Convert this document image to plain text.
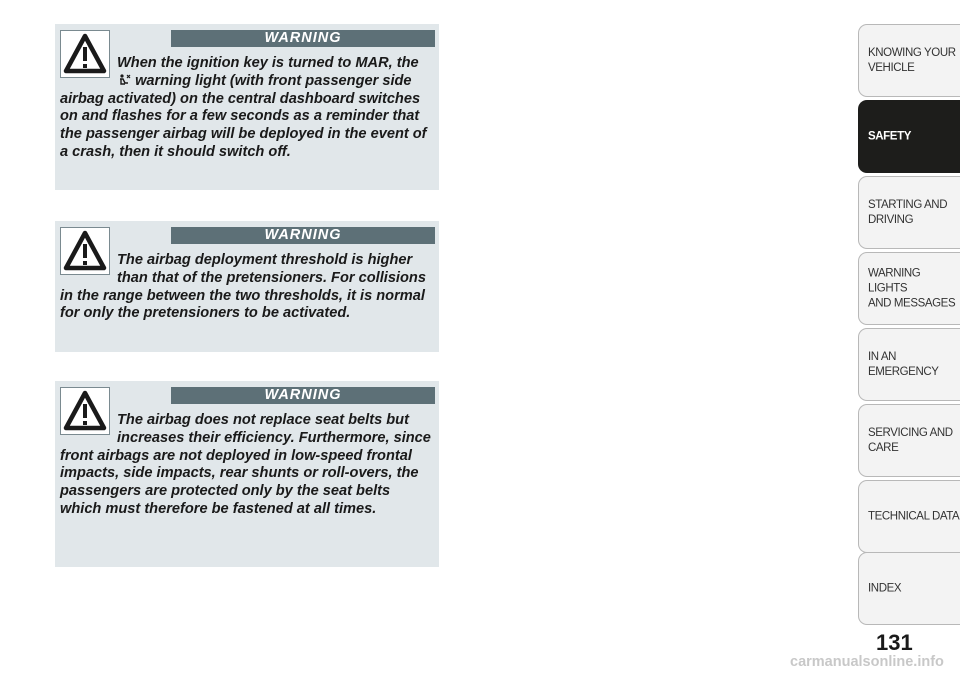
WARNING

When the ignition key is turned to MAR, the  warning light (with front passenger side airbag activated) on the central dashboard switches on and flashes for a few seconds as a reminder that the passenger airbag will be deployed in the event of a crash, then it should switch off.

WARNING

The airbag deployment threshold is higher than that of the pretensioners. For collisions in the range between the two thresholds, it is normal for only the pretensioners to be activated.

WARNING

The airbag does not replace seat belts but increases their efficiency. Furthermore, since front airbags are not deployed in low-speed frontal impacts, side impacts, rear shunts or roll-overs, the passengers are protected only by the seat belts which must therefore be fastened at all times.

KNOWING YOUR
VEHICLE
SAFETY
STARTING AND
DRIVING
WARNING LIGHTS
AND MESSAGES
IN AN EMERGENCY
SERVICING AND
CARE
TECHNICAL DATA
INDEX
131
carmanualsonline.info
